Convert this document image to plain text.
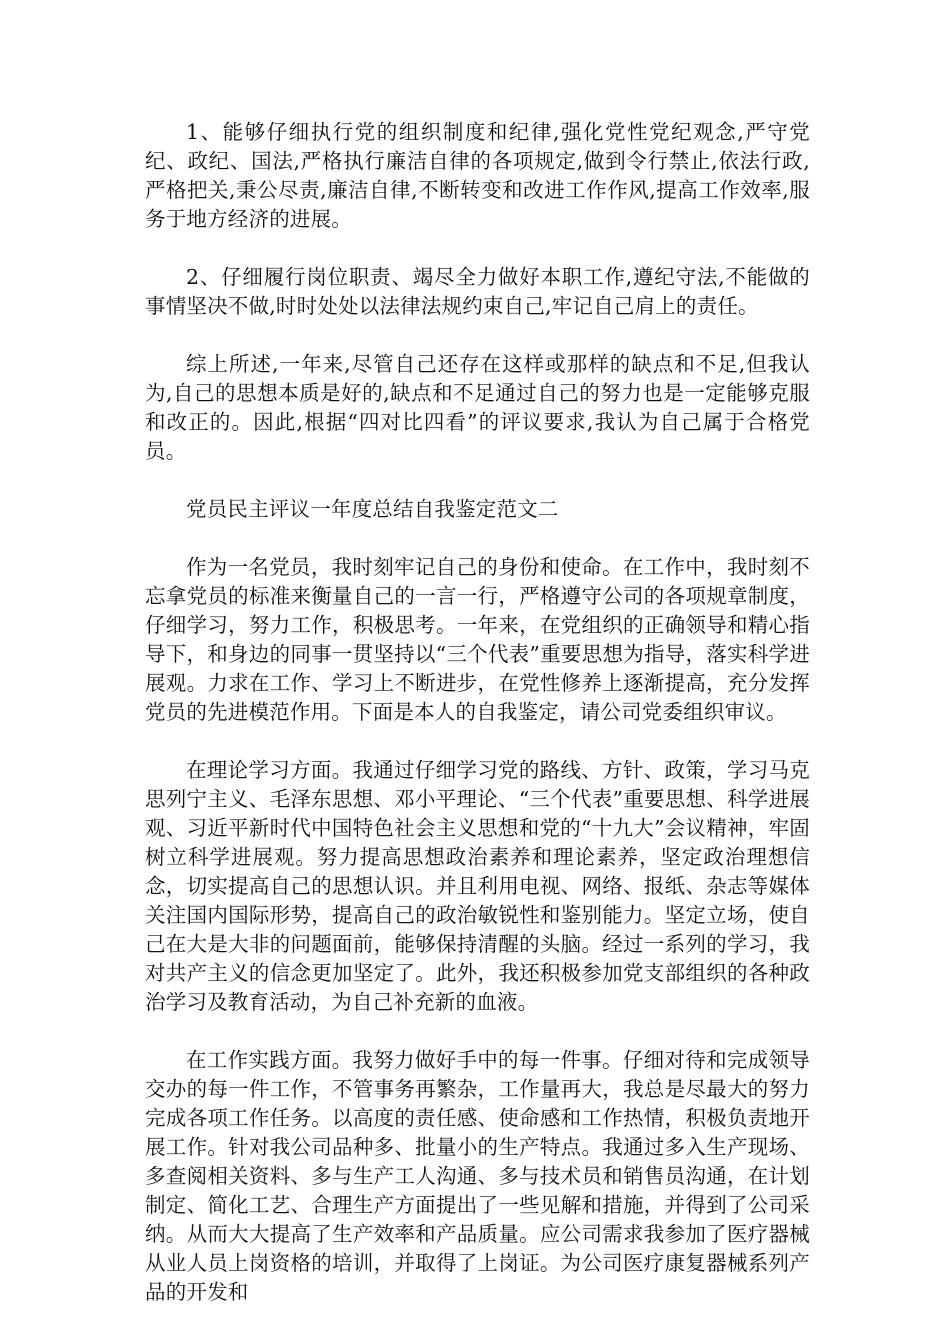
1、能够仔细执行党的组织制度和纪律,强化党性党纪观念,严守党纪、政纪、国法,严格执行廉洁自律的各项规定,做到令行禁止,依法行政,严格把关,秉公尽责,廉洁自律,不断转变和改进工作作风,提高工作效率,服务于地方经济的进展。

2、仔细履行岗位职责、竭尽全力做好本职工作,遵纪守法,不能做的事情坚决不做,时时处处以法律法规约束自己,牢记自己肩上的责任。

综上所述,一年来,尽管自己还存在这样或那样的缺点和不足,但我认为,自己的思想本质是好的,缺点和不足通过自己的努力也是一定能够克服和改正的。因此,根据“四对比四看”的评议要求,我认为自己属于合格党员。

党员民主评议一年度总结自我鉴定范文二

作为一名党员，我时刻牢记自己的身份和使命。在工作中，我时刻不忘拿党员的标准来衡量自己的一言一行，严格遵守公司的各项规章制度，仔细学习，努力工作，积极思考。一年来，在党组织的正确领导和精心指导下，和身边的同事一贯坚持以“三个代表”重要思想为指导，落实科学进展观。力求在工作、学习上不断进步，在党性修养上逐渐提高，充分发挥党员的先进模范作用。下面是本人的自我鉴定，请公司党委组织审议。

在理论学习方面。我通过仔细学习党的路线、方针、政策，学习马克思列宁主义、毛泽东思想、邓小平理论、“三个代表”重要思想、科学进展观、习近平新时代中国特色社会主义思想和党的“十九大”会议精神，牢固树立科学进展观。努力提高思想政治素养和理论素养，坚定政治理想信念，切实提高自己的思想认识。并且利用电视、网络、报纸、杂志等媒体关注国内国际形势，提高自己的政治敏锐性和鉴别能力。坚定立场，使自己在大是大非的问题面前，能够保持清醒的头脑。经过一系列的学习，我对共产主义的信念更加坚定了。此外，我还积极参加党支部组织的各种政治学习及教育活动，为自己补充新的血液。

在工作实践方面。我努力做好手中的每一件事。仔细对待和完成领导交办的每一件工作，不管事务再繁杂，工作量再大，我总是尽最大的努力完成各项工作任务。以高度的责任感、使命感和工作热情，积极负责地开展工作。针对我公司品种多、批量小的生产特点。我通过多入生产现场、多查阅相关资料、多与生产工人沟通、多与技术员和销售员沟通，在计划制定、简化工艺、合理生产方面提出了一些见解和措施，并得到了公司采纳。从而大大提高了生产效率和产品质量。应公司需求我参加了医疗器械从业人员上岗资格的培训，并取得了上岗证。为公司医疗康复器械系列产品的开发和
